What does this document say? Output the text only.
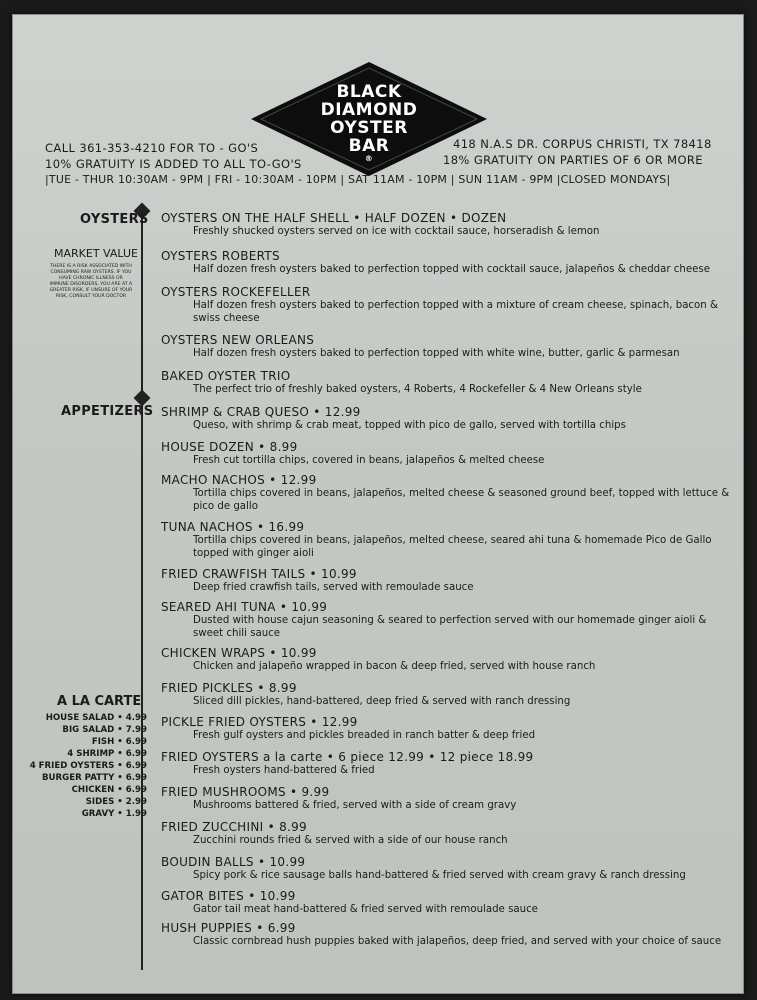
BLACK
DIAMOND
OYSTER
BAR
®
CALL 361-353-4210 FOR TO - GO'S
10% GRATUITY IS ADDED TO ALL TO-GO'S
418 N.A.S DR. CORPUS CHRISTI, TX 78418
18% GRATUITY ON PARTIES OF 6 OR MORE
|TUE - THUR 10:30AM - 9PM | FRI - 10:30AM - 10PM | SAT 11AM - 10PM | SUN 11AM - 9PM |CLOSED MONDAYS|
OYSTERS
MARKET VALUE
THERE IS A RISK ASSOCIATED WITH CONSUMING RAW OYSTERS. IF YOU HAVE CHRONIC ILLNESS OR IMMUNE DISORDERS, YOU ARE AT A GREATER RISK. IF UNSURE OF YOUR RISK, CONSULT YOUR DOCTOR
OYSTERS ON THE HALF SHELL • HALF DOZEN • DOZEN
Freshly shucked oysters served on ice with cocktail sauce, horseradish & lemon
OYSTERS ROBERTS
Half dozen fresh oysters baked to perfection topped with cocktail sauce, jalapeños & cheddar cheese
OYSTERS ROCKEFELLER
Half dozen fresh oysters baked to perfection topped with a mixture of cream cheese, spinach, bacon & swiss cheese
OYSTERS NEW ORLEANS
Half dozen fresh oysters baked to perfection topped with white wine, butter, garlic & parmesan
BAKED OYSTER TRIO
The perfect trio of freshly baked oysters, 4 Roberts, 4 Rockefeller & 4 New Orleans style
APPETIZERS SHRIMP & CRAB QUESO • 12.99
Queso, with shrimp & crab meat, topped with pico de gallo, served with tortilla chips
HOUSE DOZEN • 8.99
Fresh cut tortilla chips, covered in beans, jalapeños & melted cheese
MACHO NACHOS • 12.99
Tortilla chips covered in beans, jalapeños, melted cheese & seasoned ground beef, topped with lettuce & pico de gallo
TUNA NACHOS • 16.99
Tortilla chips covered in beans, jalapeños, melted cheese, seared ahi tuna & homemade Pico de Gallo topped with ginger aioli
FRIED CRAWFISH TAILS • 10.99
Deep fried crawfish tails, served with remoulade sauce
SEARED AHI TUNA • 10.99
Dusted with house cajun seasoning & seared to perfection served with our homemade ginger aioli & sweet chili sauce
CHICKEN WRAPS • 10.99
Chicken and jalapeño wrapped in bacon & deep fried, served with house ranch
FRIED PICKLES • 8.99
Sliced dill pickles, hand-battered, deep fried & served with ranch dressing
PICKLE FRIED OYSTERS • 12.99
Fresh gulf oysters and pickles breaded in ranch batter & deep fried
FRIED OYSTERS a la carte • 6 piece 12.99 • 12 piece 18.99
Fresh oysters hand-battered & fried
FRIED MUSHROOMS • 9.99
Mushrooms battered & fried, served with a side of cream gravy
FRIED ZUCCHINI • 8.99
Zucchini rounds fried & served with a side of our house ranch
BOUDIN BALLS • 10.99
Spicy pork & rice sausage balls hand-battered & fried served with cream gravy & ranch dressing
GATOR BITES • 10.99
Gator tail meat hand-battered & fried served with remoulade sauce
HUSH PUPPIES • 6.99
Classic cornbread hush puppies baked with jalapeños, deep fried, and served with your choice of sauce
A LA CARTE
HOUSE SALAD • 4.99
BIG SALAD • 7.99
FISH • 6.99
4 SHRIMP • 6.99
4 FRIED OYSTERS • 6.99
BURGER PATTY • 6.99
CHICKEN • 6.99
SIDES • 2.99
GRAVY • 1.99
